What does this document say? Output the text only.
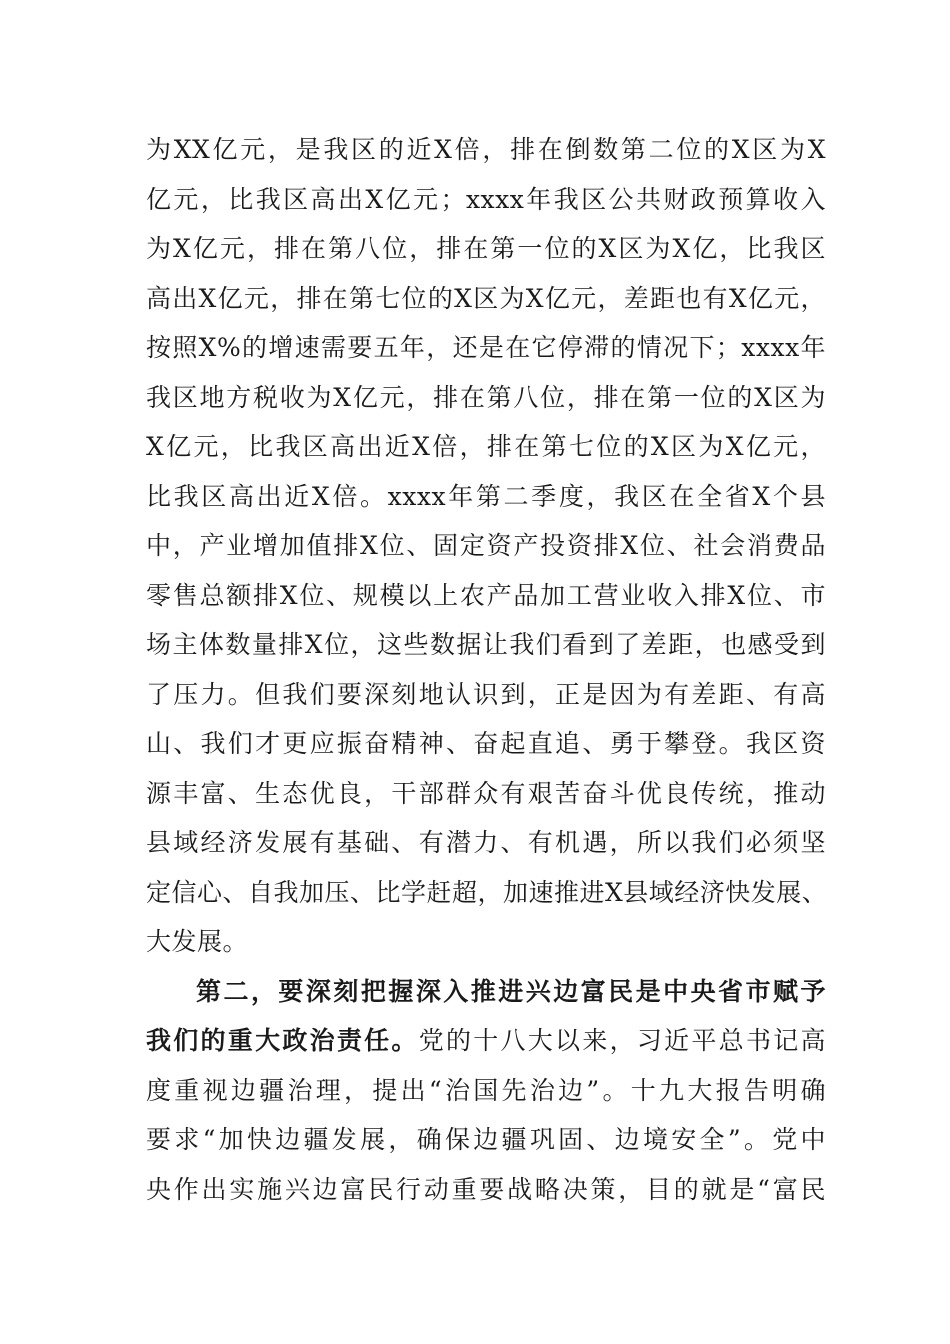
为XX亿元，是我区的近X倍，排在倒数第二位的X区为X
亿元，比我区高出X亿元；xxxx年我区公共财政预算收入
为X亿元，排在第八位，排在第一位的X区为X亿，比我区
高出X亿元，排在第七位的X区为X亿元，差距也有X亿元，
按照X%的增速需要五年，还是在它停滞的情况下；xxxx年
我区地方税收为X亿元，排在第八位，排在第一位的X区为
X亿元，比我区高出近X倍，排在第七位的X区为X亿元，
比我区高出近X倍。xxxx年第二季度，我区在全省X个县
中，产业增加值排X位、固定资产投资排X位、社会消费品
零售总额排X位、规模以上农产品加工营业收入排X位、市
场主体数量排X位，这些数据让我们看到了差距，也感受到
了压力。但我们要深刻地认识到，正是因为有差距、有高
山、我们才更应振奋精神、奋起直追、勇于攀登。我区资
源丰富、生态优良，干部群众有艰苦奋斗优良传统，推动
县域经济发展有基础、有潜力、有机遇，所以我们必须坚
定信心、自我加压、比学赶超，加速推进X县域经济快发展、
大发展。
第二，要深刻把握深入推进兴边富民是中央省市赋予
我们的重大政治责任。党的十八大以来，习近平总书记高
度重视边疆治理，提出“治国先治边”。十九大报告明确
要求“加快边疆发展，确保边疆巩固、边境安全”。党中
央作出实施兴边富民行动重要战略决策，目的就是“富民
